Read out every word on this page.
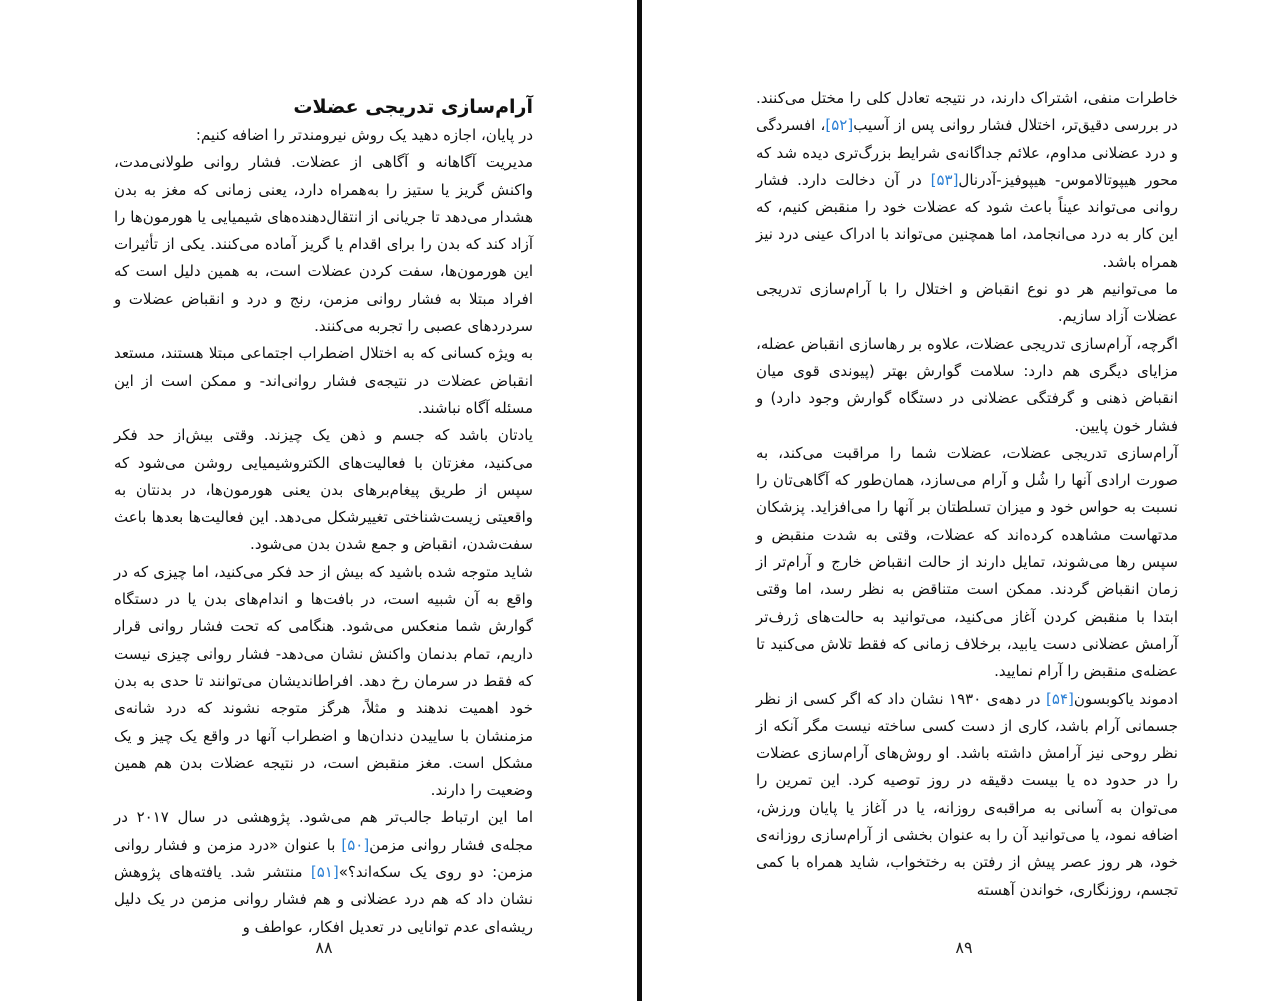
آرام‌سازی تدریجی عضلات

در پایان، اجازه دهید یک روش نیرومندتر را اضافه کنیم:

مدیریت آگاهانه و آگاهی از عضلات. فشار روانی طولانی‌مدت، واکنش گریز یا ستیز را به‌همراه دارد، یعنی زمانی که مغز به بدن هشدار می‌دهد تا جریانی از انتقال‌دهنده‌های شیمیایی یا هورمون‌ها را آزاد کند که بدن را برای اقدام یا گریز آماده می‌کنند. یکی از تأثیرات این هورمون‌ها، سفت کردن عضلات است، به همین دلیل است که افراد مبتلا به فشار روانی مزمن، رنج و درد و انقباض عضلات و سردردهای عصبی را تجربه می‌کنند.

به ویژه کسانی که به اختلال اضطراب اجتماعی مبتلا هستند، مستعد انقباض عضلات در نتیجه‌ی فشار روانی‌اند- و ممکن است از این مسئله آگاه نباشند.

یادتان باشد که جسم و ذهن یک چیزند. وقتی بیش‌از حد فکر می‌کنید، مغزتان با فعالیت‌های الکتروشیمیایی روشن می‌شود که سپس از طریق پیغام‌برهای بدن یعنی هورمون‌ها، در بدنتان به واقعیتی زیست‌شناختی تغییرشکل می‌دهد. این فعالیت‌ها بعدها باعث سفت‌شدن، انقباض و جمع شدن بدن می‌شود.

شاید متوجه شده باشید که بیش از حد فکر می‌کنید، اما چیزی که در واقع به آن شبیه است، در بافت‌ها و اندام‌های بدن یا در دستگاه گوارش شما منعکس می‌شود. هنگامی که تحت فشار روانی قرار داریم، تمام بدنمان واکنش نشان می‌دهد- فشار روانی چیزی نیست که فقط در سرمان رخ دهد. افراطاندیشان می‌توانند تا حدی به بدن خود اهمیت ندهند و مثلاً، هرگز متوجه نشوند که درد شانه‌ی مزمنشان با ساییدن دندان‌ها و اضطراب آنها در واقع یک چیز و یک مشکل است. مغز منقبض است، در نتیجه عضلات بدن هم همین وضعیت را دارند.

اما این ارتباط جالب‌تر هم می‌شود. پژوهشی در سال ۲۰۱۷ در مجله‌ی فشار روانی مزمن[۵۰] با عنوان «درد مزمن و فشار روانی مزمن: دو روی یک سکه‌اند؟»[۵۱] منتشر شد. یافته‌های پژوهش نشان داد که هم درد عضلانی و هم فشار روانی مزمن در یک دلیل ریشه‌ای عدم توانایی در تعدیل افکار، عواطف و

۸۸

خاطرات منفی، اشتراک دارند، در نتیجه تعادل کلی را مختل می‌کنند. در بررسی دقیق‌تر، اختلال فشار روانی پس از آسیب[۵۲]، افسردگی و درد عضلانی مداوم، علائم جداگانه‌ی شرایط بزرگ‌تری دیده شد که محور هیپوتالاموس- هیپوفیز-آدرنال[۵۳] در آن دخالت دارد. فشار روانی می‌تواند عیناً باعث شود که عضلات خود را منقبض کنیم، که این کار به درد می‌انجامد، اما همچنین می‌تواند با ادراک عینی درد نیز همراه باشد.

ما می‌توانیم هر دو نوع انقباض و اختلال را با آرام‌سازی تدریجی عضلات آزاد سازیم.

اگرچه، آرام‌سازی تدریجی عضلات، علاوه بر رهاسازی انقباض عضله، مزایای دیگری هم دارد: سلامت گوارش بهتر (پیوندی قوی میان انقباض ذهنی و گرفتگی عضلانی در دستگاه گوارش وجود دارد) و فشار خون پایین.

آرام‌سازی تدریجی عضلات، عضلات شما را مراقبت می‌کند، به صورت ارادی آنها را شُل و آرام می‌سازد، همان‌طور که آگاهی‌تان را نسبت به حواس خود و میزان تسلطتان بر آنها را می‌افزاید. پزشکان مدتهاست مشاهده کرده‌اند که عضلات، وقتی به شدت منقبض و سپس رها می‌شوند، تمایل دارند از حالت انقباض خارج و آرام‌تر از زمان انقباض گردند. ممکن است متناقض به نظر رسد، اما وقتی ابتدا با منقبض کردن آغاز می‌کنید، می‌توانید به حالت‌های ژرف‌تر آرامش عضلانی دست یابید، برخلاف زمانی که فقط تلاش می‌کنید تا عضله‌ی منقبض را آرام نمایید.

ادموند یاکوبسون[۵۴] در دهه‌ی ۱۹۳۰ نشان داد که اگر کسی از نظر جسمانی آرام باشد، کاری از دست کسی ساخته نیست مگر آنکه از نظر روحی نیز آرامش داشته باشد. او روش‌های آرام‌سازی عضلات را در حدود ده یا بیست دقیقه در روز توصیه کرد. این تمرین را می‌توان به آسانی به مراقبه‌ی روزانه، یا در آغاز یا پایان ورزش، اضافه نمود، یا می‌توانید آن را به عنوان بخشی از آرام‌سازی روزانه‌ی خود، هر روز عصر پیش از رفتن به رختخواب، شاید همراه با کمی تجسم، روزنگاری، خواندن آهسته

۸۹
